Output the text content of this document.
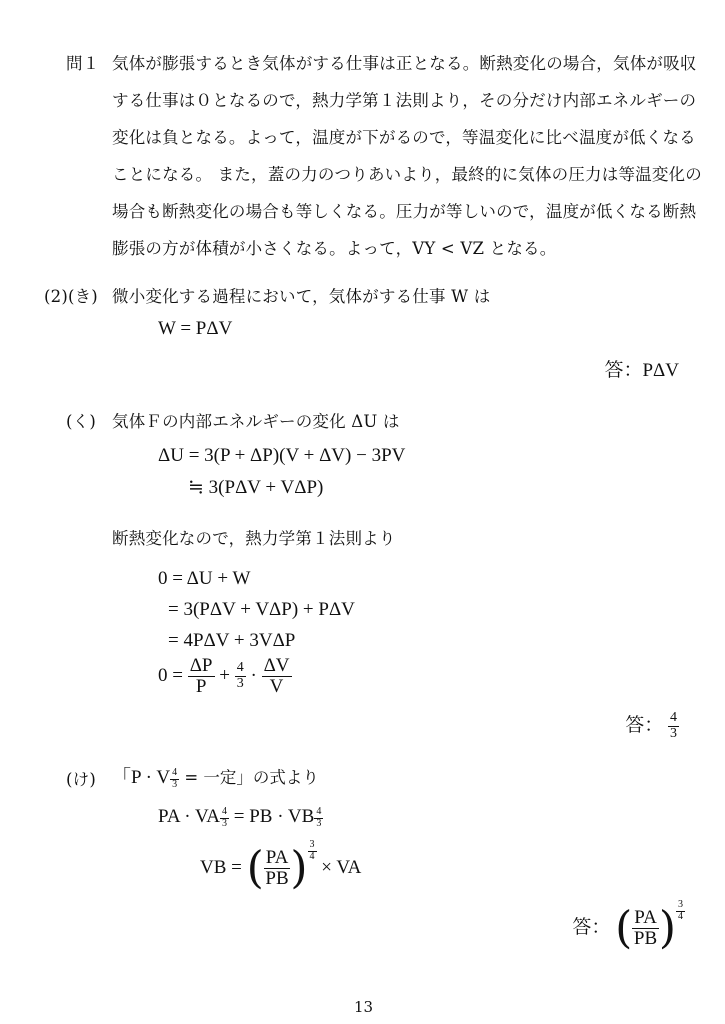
問１ 気体が膨張するとき気体がする仕事は正となる。断熱変化の場合，気体が吸収
する仕事は０となるので，熱力学第１法則より，その分だけ内部エネルギーの
変化は負となる。よって，温度が下がるので，等温変化に比べ温度が低くなる
ことになる。 また，蓋の力のつりあいより，最終的に気体の圧力は等温変化の
場合も断熱変化の場合も等しくなる。圧力が等しいので，温度が低くなる断熱
膨張の方が体積が小さくなる。よって，VY < VZ となる。
(2)(き) 微小変化する過程において，気体がする仕事 W は
W = PΔV
答：PΔV
(く) 気体Ｆの内部エネルギーの変化 ΔU は
ΔU = 3(P + ΔP)(V + ΔV) − 3PV
≒ 3(PΔV + VΔP)
断熱変化なので，熱力学第１法則より
0 = ΔU + W
= 3(PΔV + VΔP) + PΔV
= 4PΔV + 3VΔP
$0 = \frac{\Delta P}{P} + \frac{4}{3} \cdot \frac{\Delta V}{V}$
答： $\frac{4}{3}$
(け) 「P · V $\frac{4}{3}$ = 一定」の式より
PA · VA $\frac{4}{3}$ = PB · VB $\frac{4}{3}$
VB = ( $\frac{PA}{PB}$ ) $\frac{3}{4}$
× VA
答： ( $\frac{PA}{PB}$ ) $\frac{3}{4}$
13
